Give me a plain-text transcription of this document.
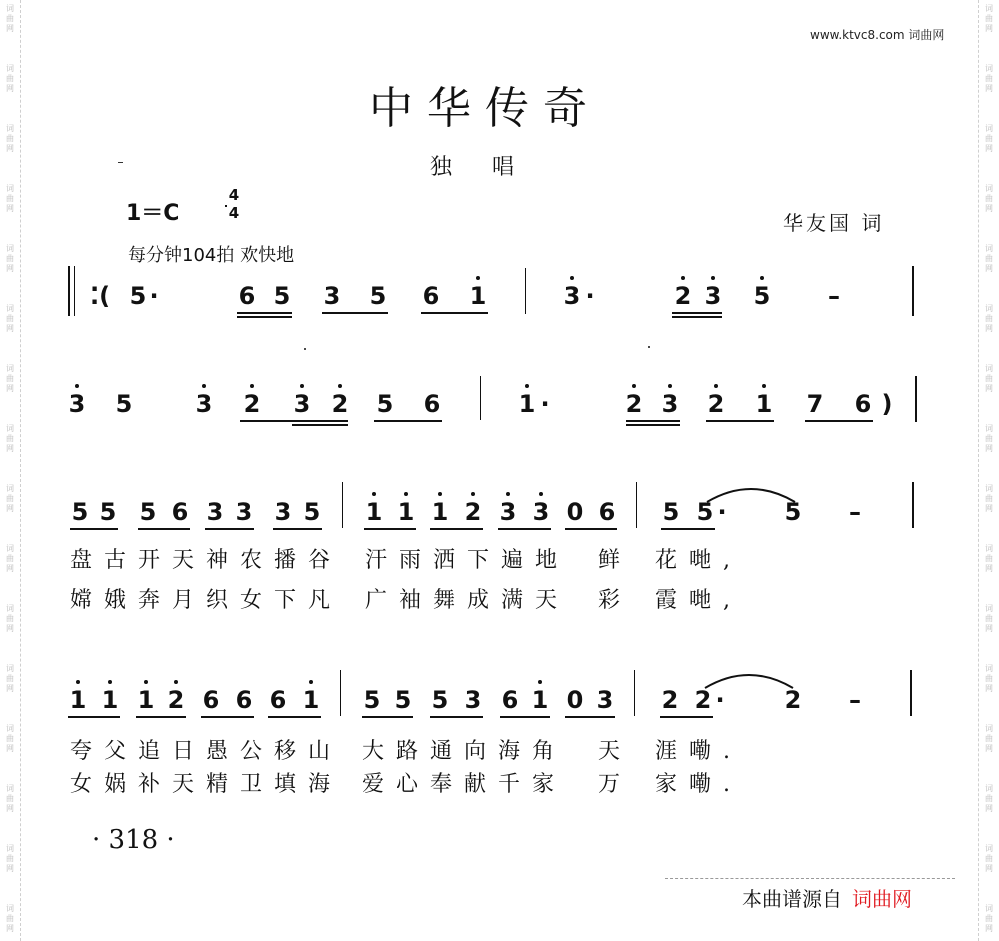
词
曲
网
词
曲
网
词
曲
网
词
曲
网
词
曲
网
词
曲
网
词
曲
网
词
曲
网
词
曲
网
词
曲
网
词
曲
网
词
曲
网
词
曲
网
词
曲
网
词
曲
网
词
曲
网
词
曲
网
词
曲
网
词
曲
网
词
曲
网
词
曲
网
词
曲
网
词
曲
网
词
曲
网
词
曲
网
词
曲
网
词
曲
网
词
曲
网
词
曲
网
词
曲
网
词
曲
网
词
曲
网
www.ktvc8.com 词曲网
中华传奇
独唱
1＝C
4
4
每分钟104拍 欢快地
华友国 词
⁚( 5 ·	6 5 3 5 6 1	3 ·	2 3 5 –
3 5	3 2 3 2 5 6	1 ·	2 3 2 1 7 6 )
5 5 5 6 3 3 3 5 1 1 1 2 3 3 0 6 5 5 · 5 –
1 1 1 2 6 6 6 1 5 5 5 3 6 1 0 3 2 2 ·	2 –
盘古开天神农播谷 汗雨洒下遍地 鲜 花哋,
嫦娥奔月织女下凡 广袖舞成满天 彩 霞哋,
夸父追日愚公移山 大路通向海角 天 涯嘞.
女娲补天精卫填海 爱心奉献千家 万 家嘞.
· 318 ·
本曲谱源自 词曲网
